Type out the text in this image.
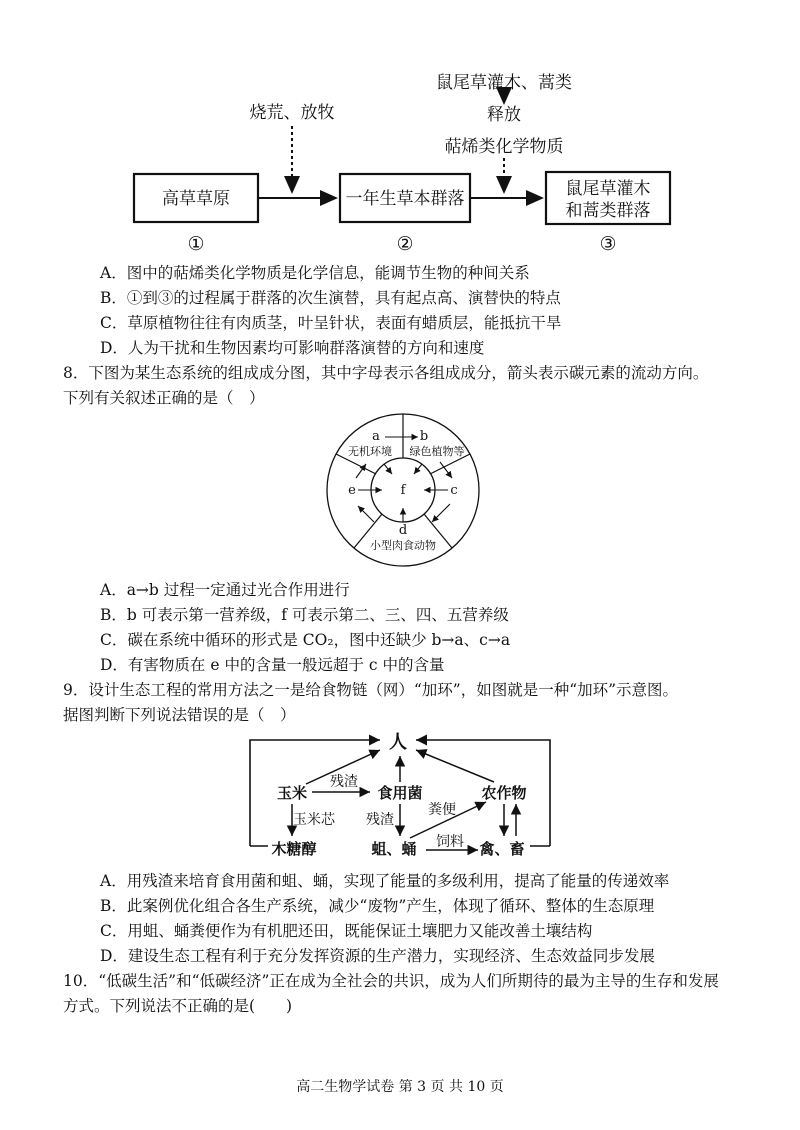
鼠尾草灌木、蒿类
释放
萜烯类化学物质
烧荒、放牧
高草草原	一年生草本群落	鼠尾草灌木
和蒿类群落
①	②	③
A．图中的萜烯类化学物质是化学信息，能调节生物的种间关系
B．①到③的过程属于群落的次生演替，具有起点高、演替快的特点
C．草原植物往往有肉质茎，叶呈针状，表面有蜡质层，能抵抗干旱
D．人为干扰和生物因素均可影响群落演替的方向和速度
8．下图为某生态系统的组成成分图，其中字母表示各组成成分，箭头表示碳元素的流动方向。
下列有关叙述正确的是（　）
a	b
无机环境 绿色植物等
e	c
f
d
小型肉食动物
A．a→b 过程一定通过光合作用进行
B．b 可表示第一营养级，f 可表示第二、三、四、五营养级
C．碳在系统中循环的形式是 CO₂，图中还缺少 b→a、c→a
D．有害物质在 e 中的含量一般远超于 c 中的含量
9．设计生态工程的常用方法之一是给食物链（网）“加环”，如图就是一种“加环”示意图。
据图判断下列说法错误的是（　）
人
玉米
残渣
食用菌	农作物
玉米芯 残渣
粪便
木糖醇	蛆、蛹 饲料 禽、畜
A．用残渣来培育食用菌和蛆、蛹，实现了能量的多级利用，提高了能量的传递效率
B．此案例优化组合各生产系统，减少“废物”产生，体现了循环、整体的生态原理
C．用蛆、蛹粪便作为有机肥还田，既能保证土壤肥力又能改善土壤结构
D．建设生态工程有利于充分发挥资源的生产潜力，实现经济、生态效益同步发展
10．“低碳生活”和“低碳经济”正在成为全社会的共识，成为人们所期待的最为主导的生存和发展
方式。下列说法不正确的是(　　)
高二生物学试卷 第 3 页 共 10 页
